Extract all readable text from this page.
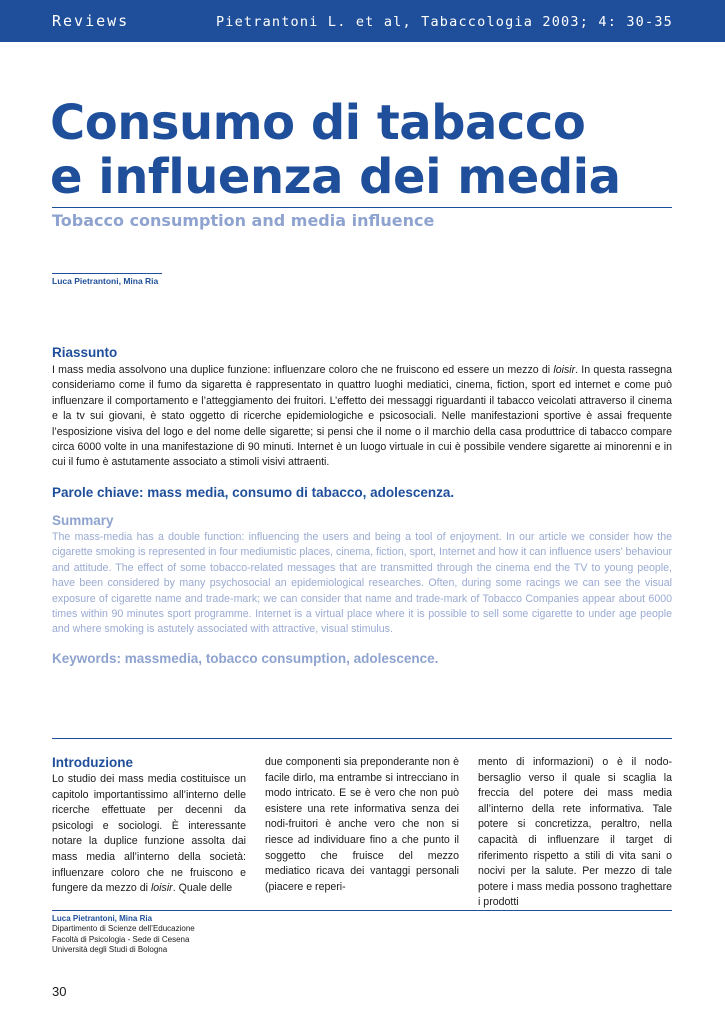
Reviews	Pietrantoni L. et al, Tabaccologia 2003; 4: 30-35
Consumo di tabacco
e influenza dei media
Tobacco consumption and media influence
Luca Pietrantoni, Mina Ria
Riassunto

I mass media assolvono una duplice funzione: influenzare coloro che ne fruiscono ed essere un mezzo di loisir. In questa rassegna consideriamo come il fumo da sigaretta è rappresentato in quattro luoghi mediatici, cinema, fiction, sport ed internet e come può influenzare il comportamento e l’atteggiamento dei fruitori. L’effetto dei messaggi riguardanti il tabacco veicolati attraverso il cinema e la tv sui giovani, è stato oggetto di ricerche epidemiologiche e psicosociali. Nelle manifestazioni sportive è assai frequente l’esposizione visiva del logo e del nome delle sigarette; si pensi che il nome o il marchio della casa produttrice di tabacco compare circa 6000 volte in una manifestazione di 90 minuti. Internet è un luogo virtuale in cui è possibile vendere sigarette ai minorenni e in cui il fumo è astutamente associato a stimoli visivi attraenti.

Parole chiave: mass media, consumo di tabacco, adolescenza.
Summary

The mass-media has a double function: influencing the users and being a tool of enjoyment. In our article we consider how the cigarette smoking is represented in four mediumistic places, cinema, fiction, sport, Internet and how it can influence users’ behaviour and attitude. The effect of some tobacco-related messages that are transmitted through the cinema end the TV to young people, have been considered by many psychosocial an epidemiological researches. Often, during some racings we can see the visual exposure of cigarette name and trade-mark; we can consider that name and trade-mark of Tobacco Companies appear about 6000 times within 90 minutes sport programme. Internet is a virtual place where it is possible to sell some cigarette to under age people and where smoking is astutely associated with attractive, visual stimulus.

Keywords: massmedia, tobacco consumption, adolescence.
Introduzione

Lo studio dei mass media costituisce un capitolo importantissimo all’interno delle ricerche effettuate per decenni da psicologi e sociologi. È interessante notare la duplice funzione assolta dai mass media all’interno della società: influenzare coloro che ne fruiscono e fungere da mezzo di loisir. Quale delle

due componenti sia preponderante non è facile dirlo, ma entrambe si intrecciano in modo intricato. E se è vero che non può esistere una rete informativa senza dei nodi-fruitori è anche vero che non si riesce ad individuare fino a che punto il soggetto che fruisce del mezzo mediatico ricava dei vantaggi personali (piacere e reperi-

mento di informazioni) o è il nodo-bersaglio verso il quale si scaglia la freccia del potere dei mass media all’interno della rete informativa. Tale potere si concretizza, peraltro, nella capacità di influenzare il target di riferimento rispetto a stili di vita sani o nocivi per la salute. Per mezzo di tale potere i mass media possono traghettare i prodotti

Luca Pietrantoni, Mina Ria
Dipartimento di Scienze dell’Educazione
Facoltà di Psicologia - Sede di Cesena
Università degli Studi di Bologna
30
